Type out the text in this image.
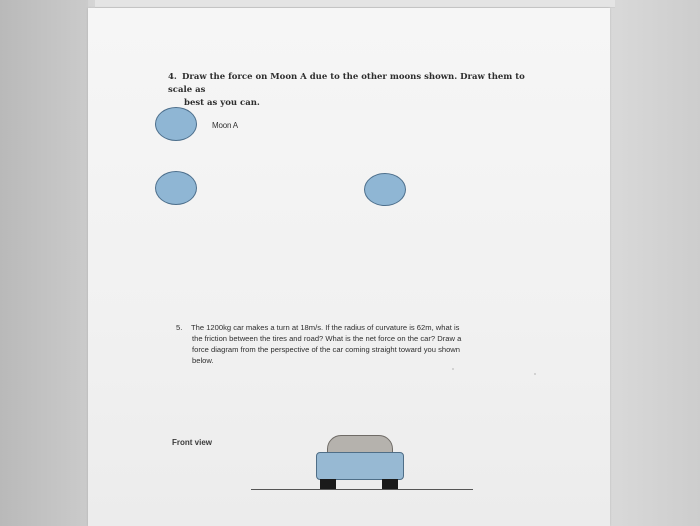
4. Draw the force on Moon A due to the other moons shown. Draw them to scale as
best as you can.
Moon A
5. The 1200kg car makes a turn at 18m/s. If the radius of curvature is 62m, what is
the friction between the tires and road? What is the net force on the car? Draw a
force diagram from the perspective of the car coming straight toward you shown
below.
Front view
